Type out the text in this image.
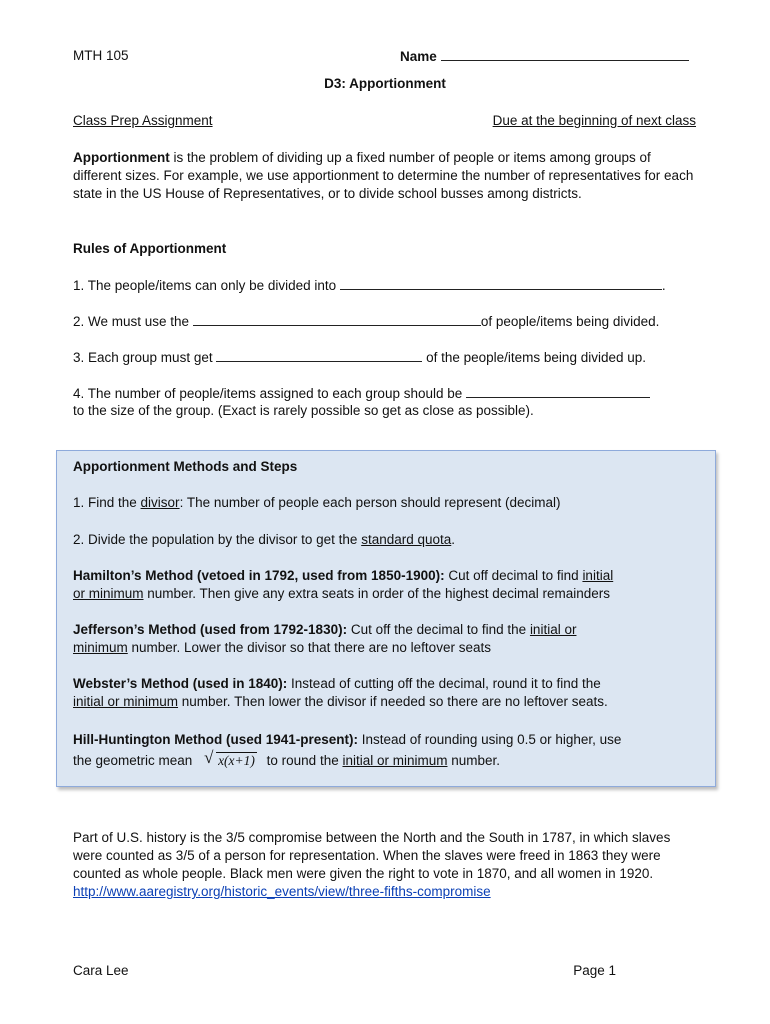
MTH 105	Name
D3: Apportionment
Class Prep Assignment	Due at the beginning of next class
Apportionment is the problem of dividing up a fixed number of people or items among groups of different sizes. For example, we use apportionment to determine the number of representatives for each state in the US House of Representatives, or to divide school busses among districts.
Rules of Apportionment
1. The people/items can only be divided into	.
2. We must use the	of people/items being divided.
3. Each group must get	of the people/items being divided up.
4. The number of people/items assigned to each group should be
to the size of the group. (Exact is rarely possible so get as close as possible).
Apportionment Methods and Steps
1. Find the divisor: The number of people each person should represent (decimal)
2. Divide the population by the divisor to get the standard quota.
Hamilton’s Method (vetoed in 1792, used from 1850-1900): Cut off decimal to find initial
or minimum number. Then give any extra seats in order of the highest decimal remainders
Jefferson’s Method (used from 1792-1830): Cut off the decimal to find the initial or
minimum number. Lower the divisor so that there are no leftover seats
Webster’s Method (used in 1840): Instead of cutting off the decimal, round it to find the
initial or minimum number. Then lower the divisor if needed so there are no leftover seats.
Hill-Huntington Method (used 1941-present): Instead of rounding using 0.5 or higher, use
the geometric mean √ x(x+1) to round the initial or minimum number.
Part of U.S. history is the 3/5 compromise between the North and the South in 1787, in which slaves were counted as 3/5 of a person for representation. When the slaves were freed in 1863 they were counted as whole people. Black men were given the right to vote in 1870, and all women in 1920. http://www.aaregistry.org/historic_events/view/three-fifths-compromise
Cara Lee	Page 1
